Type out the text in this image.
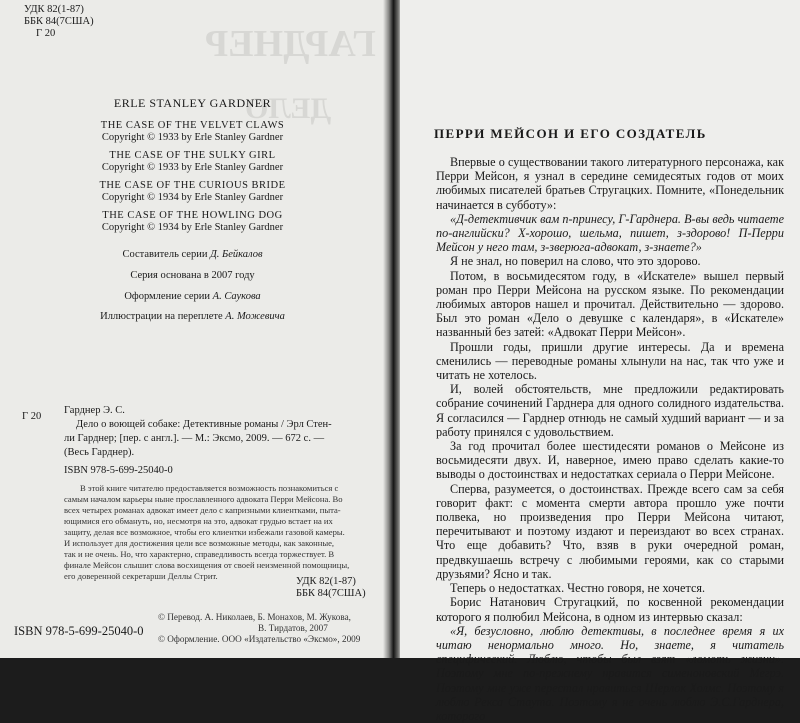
ГАРДНЕР
ДЕЛО
УДК 82(1-87)
ББК 84(7США)
Г 20
ERLE STANLEY GARDNER
THE CASE OF THE VELVET CLAWS
Copyright © 1933 by Erle Stanley Gardner
THE CASE OF THE SULKY GIRL
Copyright © 1933 by Erle Stanley Gardner
THE CASE OF THE CURIOUS BRIDE
Copyright © 1934 by Erle Stanley Gardner
THE CASE OF THE HOWLING DOG
Copyright © 1934 by Erle Stanley Gardner
Составитель серии Д. Бейкалов
Серия основана в 2007 году
Оформление серии А. Саукова
Иллюстрации на переплете А. Можевича
Г 20
Гарднер Э. С.
Дело о воющей собаке: Детективные романы / Эрл Стен-
ли Гарднер; [пер. с англ.]. — М.: Эксмо, 2009. — 672 с. —
(Весь Гарднер).
ISBN 978-5-699-25040-0
В этой книге читателю предоставляется возможность познакомиться с
самым началом карьеры ныне прославленного адвоката Перри Мейсона. Во
всех четырех романах адвокат имеет дело с капризными клиентками, пыта-
ющимися его обмануть, но, несмотря на это, адвокат грудью встает на их
защиту, делая все возможное, чтобы его клиентки избежали газовой камеры.
И использует для достижения цели все возможные методы, как законные,
так и не очень. Но, что характерно, справедливость всегда торжествует. В
финале Мейсон слышит слова восхищения от своей неизменной помощницы,
его доверенной секретарши Деллы Стрит.	УДК 82(1-87)
ББК 84(7США)
© Перевод. А. Николаев, Б. Монахов, М. Жукова,
В. Тирдатов, 2007
© Оформление. ООО «Издательство «Эксмо», 2009
ISBN 978-5-699-25040-0
ПЕРРИ МЕЙСОН И ЕГО СОЗДАТЕЛЬ

Впервые о существовании такого литературного персонажа, как Перри Мейсон, я узнал в середине семидесятых годов от моих любимых писателей братьев Стругацких. Помните, «Понедельник начинается в субботу»:

«Д-детективчик вам п-принесу, Г-Гарднера. В-вы ведь читаете по-английски? Х-хорошо, шельма, пишет, з-здорово! П-Перри Мейсон у него там, з-зверюга-адвокат, з-знаете?»

Я не знал, но поверил на слово, что это здорово.

Потом, в восьмидесятом году, в «Искателе» вышел первый роман про Перри Мейсона на русском языке. По рекомендации любимых авторов нашел и прочитал. Действительно — здорово. Был это роман «Дело о девушке с календаря», в «Искателе» названный без затей: «Адвокат Перри Мейсон».

Прошли годы, пришли другие интересы. Да и времена сменились — переводные романы хлынули на нас, так что уже и читать не хотелось.

И, волей обстоятельств, мне предложили редактировать собрание сочинений Гарднера для одного солидного издательства. Я согласился — Гарднер отнюдь не самый худший вариант — и за работу принялся с удовольствием.

За год прочитал более шестидесяти романов о Мейсоне из восьмидесяти двух. И, наверное, имею право сделать какие-то выводы о достоинствах и недостатках сериала о Перри Мейсоне.

Сперва, разумеется, о достоинствах. Прежде всего сам за себя говорит факт: с момента смерти автора прошло уже почти полвека, но произведения про Перри Мейсона читают, перечитывают и поэтому издают и переиздают во всех странах. Что еще добавить? Что, взяв в руки очередной роман, предвкушаешь встречу с любимыми героями, как со старыми друзьями? Ясно и так.

Теперь о недостатках. Честно говоря, не хочется.

Борис Натанович Стругацкий, по косвенной рекомендации которого я полюбил Мейсона, в одном из интервью сказал:

«Я, безусловно, люблю детективы, в последнее время я их читаю ненормально много. Но, знаете, я читатель специфический. Люблю, чтобы был взят «ломоть жизни». Поэтому мне по-прежнему нравится сименоновский Мегрэ. Поэтому мне уже перестал нравиться Шерлок Холмс. Поэтому я люблю Рекса Стаута. Поэтому я не очень люблю Э.С.Гарднера, которого
